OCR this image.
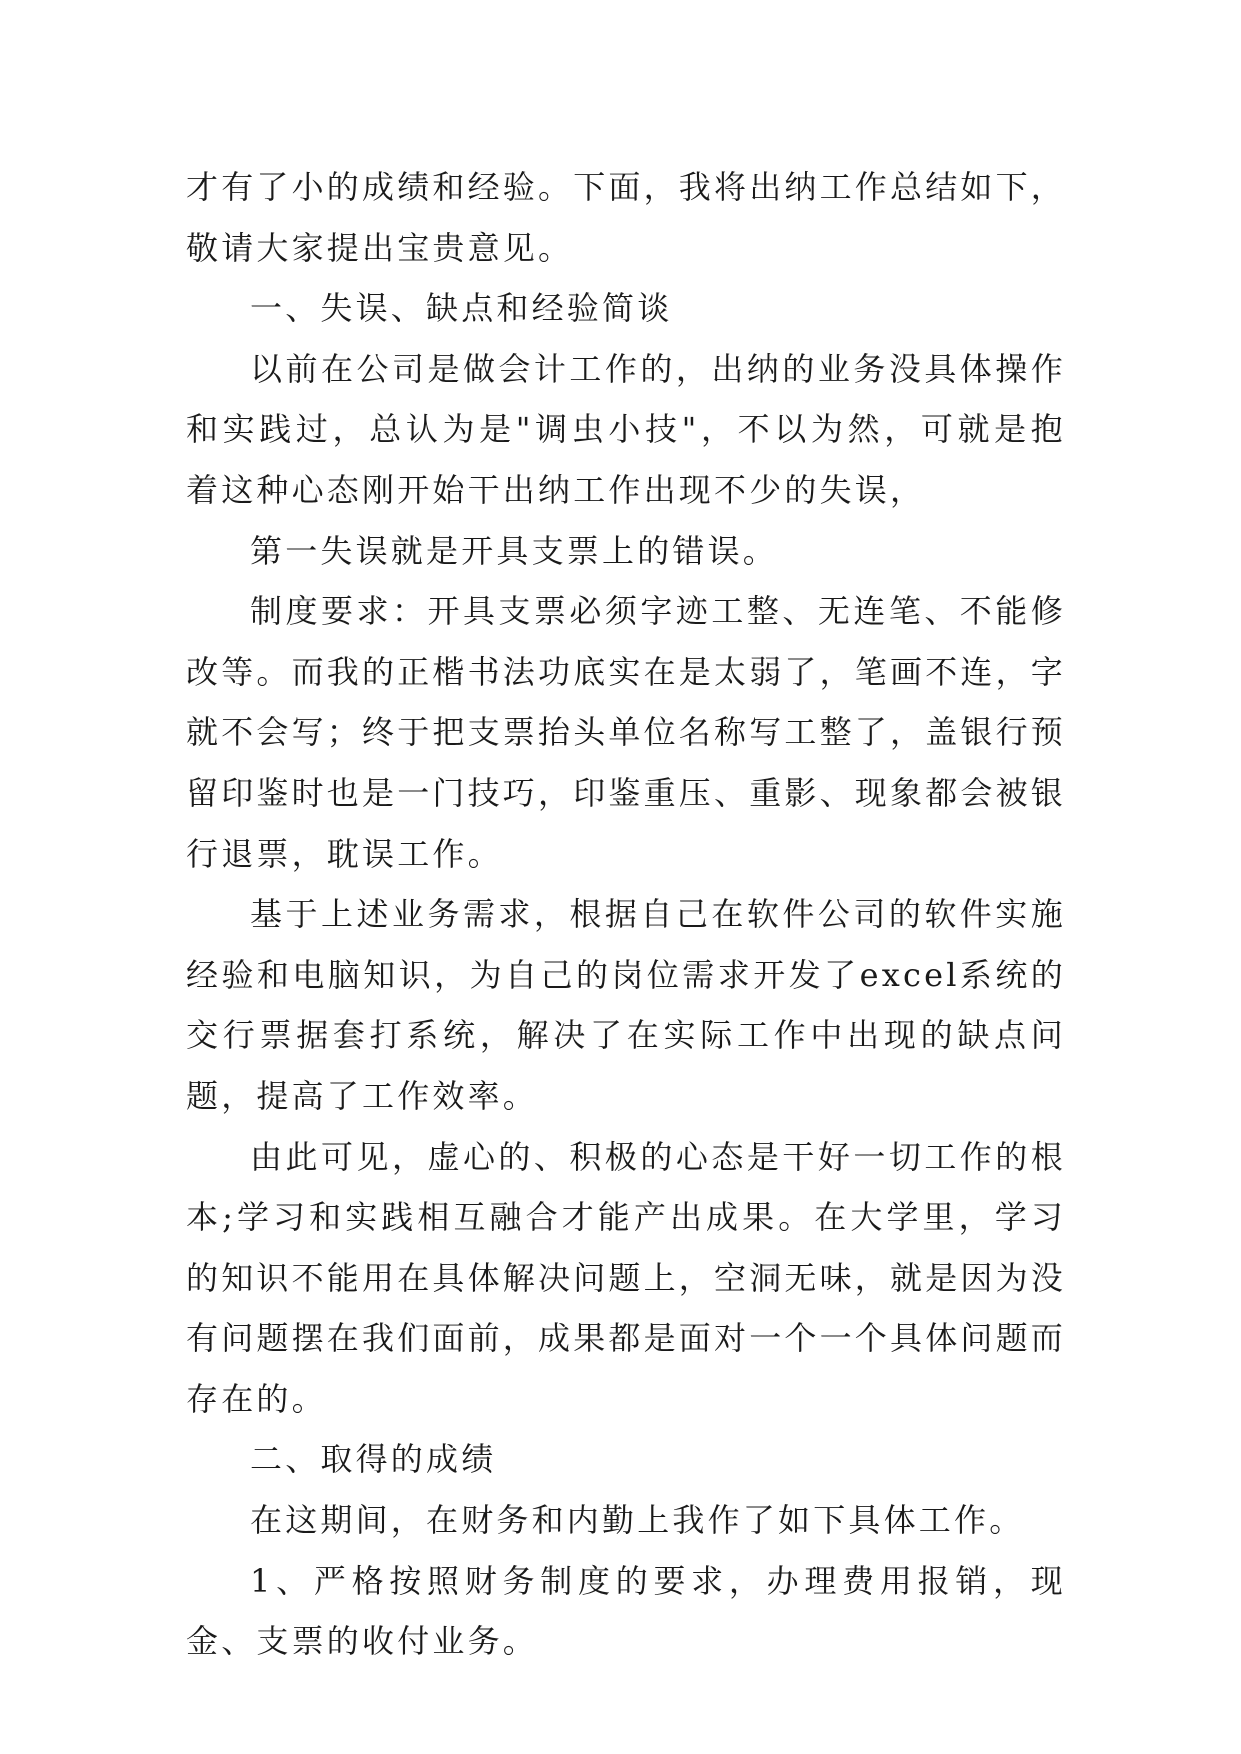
才有了小的成绩和经验。下面，我将出纳工作总结如下，敬请大家提出宝贵意见。

一、失误、缺点和经验简谈

以前在公司是做会计工作的，出纳的业务没具体操作和实践过，总认为是"调虫小技"，不以为然，可就是抱着这种心态刚开始干出纳工作出现不少的失误，

第一失误就是开具支票上的错误。

制度要求：开具支票必须字迹工整、无连笔、不能修改等。而我的正楷书法功底实在是太弱了，笔画不连，字就不会写；终于把支票抬头单位名称写工整了，盖银行预留印鉴时也是一门技巧，印鉴重压、重影、现象都会被银行退票，耽误工作。

基于上述业务需求，根据自己在软件公司的软件实施经验和电脑知识，为自己的岗位需求开发了excel系统的交行票据套打系统，解决了在实际工作中出现的缺点问题，提高了工作效率。

由此可见，虚心的、积极的心态是干好一切工作的根本;学习和实践相互融合才能产出成果。在大学里，学习的知识不能用在具体解决问题上，空洞无味，就是因为没有问题摆在我们面前，成果都是面对一个一个具体问题而存在的。

二、取得的成绩

在这期间，在财务和内勤上我作了如下具体工作。

1、严格按照财务制度的要求，办理费用报销，现金、支票的收付业务。
